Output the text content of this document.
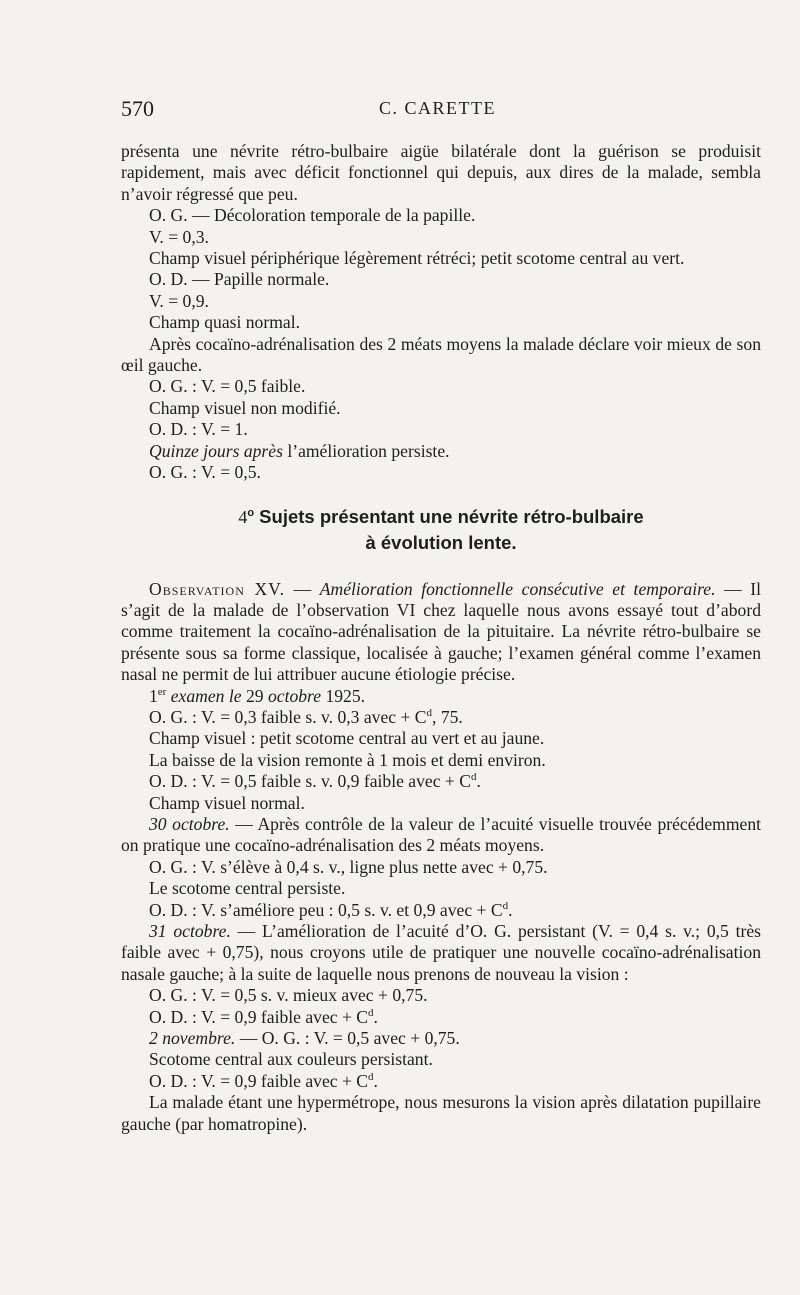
570	C. CARETTE

présenta une névrite rétro-bulbaire aigüe bilatérale dont la guérison se produisit rapidement, mais avec déficit fonctionnel qui depuis, aux dires de la malade, sembla n’avoir régressé que peu.

O. G. — Décoloration temporale de la papille.

V. = 0,3.

Champ visuel périphérique légèrement rétréci; petit scotome central au vert.

O. D. — Papille normale.

V. = 0,9.

Champ quasi normal.

Après cocaïno-adrénalisation des 2 méats moyens la malade déclare voir mieux de son œil gauche.

O. G. : V. = 0,5 faible.

Champ visuel non modifié.

O. D. : V. = 1.

Quinze jours après l’amélioration persiste.

O. G. : V. = 0,5.

4$^o$ Sujets présentant une névrite rétro-bulbaire
à évolution lente.

Observation XV. — Amélioration fonctionnelle consécutive et temporaire. — Il s’agit de la malade de l’observation VI chez laquelle nous avons essayé tout d’abord comme traitement la cocaïno-adrénalisation de la pituitaire. La névrite rétro-bulbaire se présente sous sa forme classique, localisée à gauche; l’examen général comme l’examen nasal ne permit de lui attribuer aucune étiologie précise.

1er examen le 29 octobre 1925.

O. G. : V. = 0,3 faible s. v. 0,3 avec + $C^d$, 75.

Champ visuel : petit scotome central au vert et au jaune.

La baisse de la vision remonte à 1 mois et demi environ.

O. D. : V. = 0,5 faible s. v. 0,9 faible avec + $C^d$.

Champ visuel normal.

30 octobre. — Après contrôle de la valeur de l’acuité visuelle trouvée précédemment on pratique une cocaïno-adrénalisation des 2 méats moyens.

O. G. : V. s’élève à 0,4 s. v., ligne plus nette avec + 0,75.

Le scotome central persiste.

O. D. : V. s’améliore peu : 0,5 s. v. et 0,9 avec + $C^d$.

31 octobre. — L’amélioration de l’acuité d’O. G. persistant (V. = 0,4 s. v.; 0,5 très faible avec + 0,75), nous croyons utile de pratiquer une nouvelle cocaïno-adrénalisation nasale gauche; à la suite de laquelle nous prenons de nouveau la vision :

O. G. : V. = 0,5 s. v. mieux avec + 0,75.

O. D. : V. = 0,9 faible avec + $C^d$.

2 novembre. — O. G. : V. = 0,5 avec + 0,75.

Scotome central aux couleurs persistant.

O. D. : V. = 0,9 faible avec + $C^d$.

La malade étant une hypermétrope, nous mesurons la vision après dilatation pupillaire gauche (par homatropine).
